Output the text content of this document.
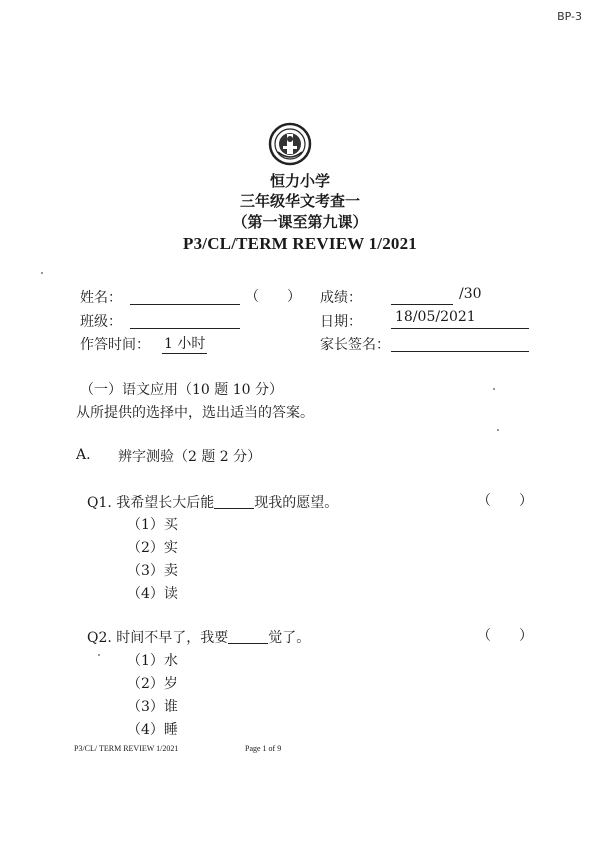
BP-3
恒力小学
三年级华文考查一
（第一课至第九课）
P3/CL/TERM REVIEW 1/2021
姓名：	（　　） 成绩：	/30
班级：	日期： 18/05/2021
作答时间： 1 小时	家长签名：
（一）语文应用（10 题 10 分）
从所提供的选择中，选出适当的答案。
A. 辨字测验（2 题 2 分）
Q1. 我希望长大后能	现我的愿望。	（　　）
（1）买
（2）实
（3）卖
（4）读
Q2. 时间不早了，我要	觉了。	（　　）
（1）水
（2）岁
（3）谁
（4）睡
P3/CL/ TERM REVIEW 1/2021	Page 1 of 9
